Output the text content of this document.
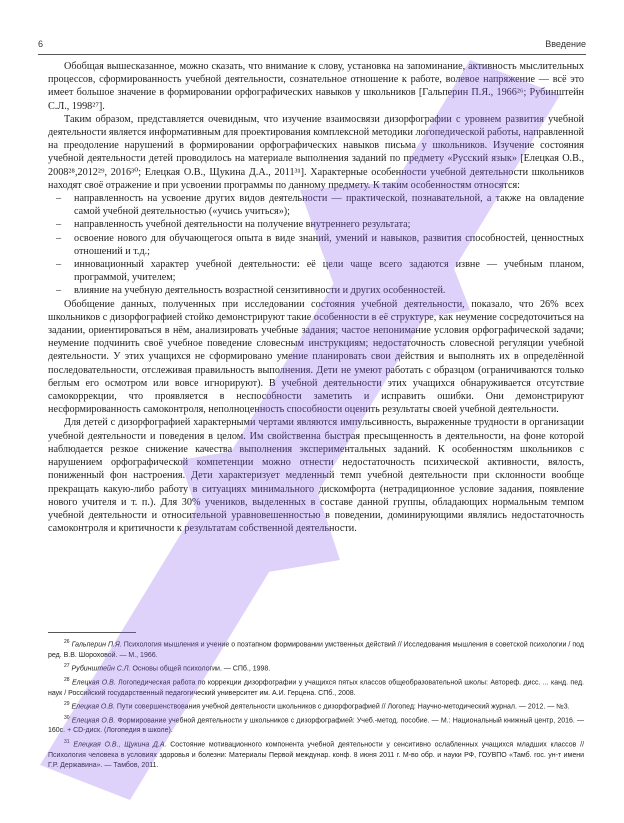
6	Введение

Обобщая вышесказанное, можно сказать, что внимание к слову, установка на запоминание, активность мыслительных процессов, сформированность учебной деятельности, сознательное отношение к работе, волевое напряжение — всё это имеет большое значение в формировании орфографических навыков у школьников [Гальперин П.Я., 1966²⁶; Рубинштейн С.Л., 1998²⁷].

Таким образом, представляется очевидным, что изучение взаимосвязи дизорфографии с уровнем развития учебной деятельности является информативным для проектирования комплексной методики логопедической работы, направленной на преодоление нарушений в формировании орфографических навыков письма у школьников. Изучение состояния учебной деятельности детей проводилось на материале выполнения заданий по предмету «Русский язык» [Елецкая О.В., 2008²⁸,2012²⁹, 2016³⁰; Елецкая О.В., Щукина Д.А., 2011³¹]. Характерные особенности учебной деятельности школьников находят своё отражение и при усвоении программы по данному предмету. К таким особенностям относятся:

– направленность на усвоение других видов деятельности — практической, познавательной, а также на овладение самой учебной деятельностью («учись учиться»);
– направленность учебной деятельности на получение внутреннего результата;
– освоение нового для обучающегося опыта в виде знаний, умений и навыков, развития способностей, ценностных отношений и т.д.;
– инновационный характер учебной деятельности: её цели чаще всего задаются извне — учебным планом, программой, учителем;
– влияние на учебную деятельность возрастной сензитивности и других особенностей.

Обобщение данных, полученных при исследовании состояния учебной деятельности, показало, что 26% всех школьников с дизорфографией стойко демонстрируют такие особенности в её структуре, как неумение сосредоточиться на задании, ориентироваться в нём, анализировать учебные задания; частое непонимание условия орфографической задачи; неумение подчинить своё учебное поведение словесным инструкциям; недостаточность словесной регуляции учебной деятельности. У этих учащихся не сформировано умение планировать свои действия и выполнять их в определённой последовательности, отслеживая правильность выполнения. Дети не умеют работать с образцом (ограничиваются только беглым его осмотром или вовсе игнорируют). В учебной деятельности этих учащихся обнаруживается отсутствие самокоррекции, что проявляется в неспособности заметить и исправить ошибки. Они демонстрируют несформированность самоконтроля, неполноценность способности оценить результаты своей учебной деятельности.

Для детей с дизорфографией характерными чертами являются импульсивность, выраженные трудности в организации учебной деятельности и поведения в целом. Им свойственна быстрая пресыщенность в деятельности, на фоне которой наблюдается резкое снижение качества выполнения экспериментальных заданий. К особенностям школьников с нарушением орфографической компетенции можно отнести недостаточность психической активности, вялость, пониженный фон настроения. Дети характеризует медленный темп учебной деятельности при склонности вообще прекращать какую-либо работу в ситуациях минимального дискомфорта (нетрадиционное условие задания, появление нового учителя и т. п.). Для 30% учеников, выделенных в составе данной группы, обладающих нормальным темпом учебной деятельности и относительной уравновешенностью в поведении, доминирующими являлись недостаточность самоконтроля и критичности к результатам собственной деятельности.

$^{26}$ Гальперин П.Я. Психология мышления и учение о поэтапном формировании умственных действий // Исследования мышления в советской психологии / под ред. В.В. Шороховой. — М., 1966.

$^{27}$ Рубинштейн С.Л. Основы общей психологии. — СПб., 1998.

$^{28}$ Елецкая О.В. Логопедическая работа по коррекции дизорфографии у учащихся пятых классов общеобразовательной школы: Автореф. дисс. ... канд. пед. наук / Российский государственный педагогический университет им. А.И. Герцена. СПб., 2008.

$^{29}$ Елецкая О.В. Пути совершенствования учебной деятельности школьников с дизорфографией // Логопед: Научно-методический журнал. — 2012. — №3.

$^{30}$ Елецкая О.В. Формирование учебной деятельности у школьников с дизорфографией: Учеб.-метод. пособие. — М.: Национальный книжный центр, 2016. — 160с. + CD-диск. (Логопедия в школе).

$^{31}$ Елецкая О.В., Щукина Д.А. Состояние мотивационного компонента учебной деятельности у сенситивно ослабленных учащихся младших классов // Психология человека в условиях здоровья и болезни: Материалы Первой междунар. конф. 8 июня 2011 г. М-во обр. и науки РФ, ГОУВПО «Тамб. гос. ун-т имени Г.Р. Державина». — Тамбов, 2011.
